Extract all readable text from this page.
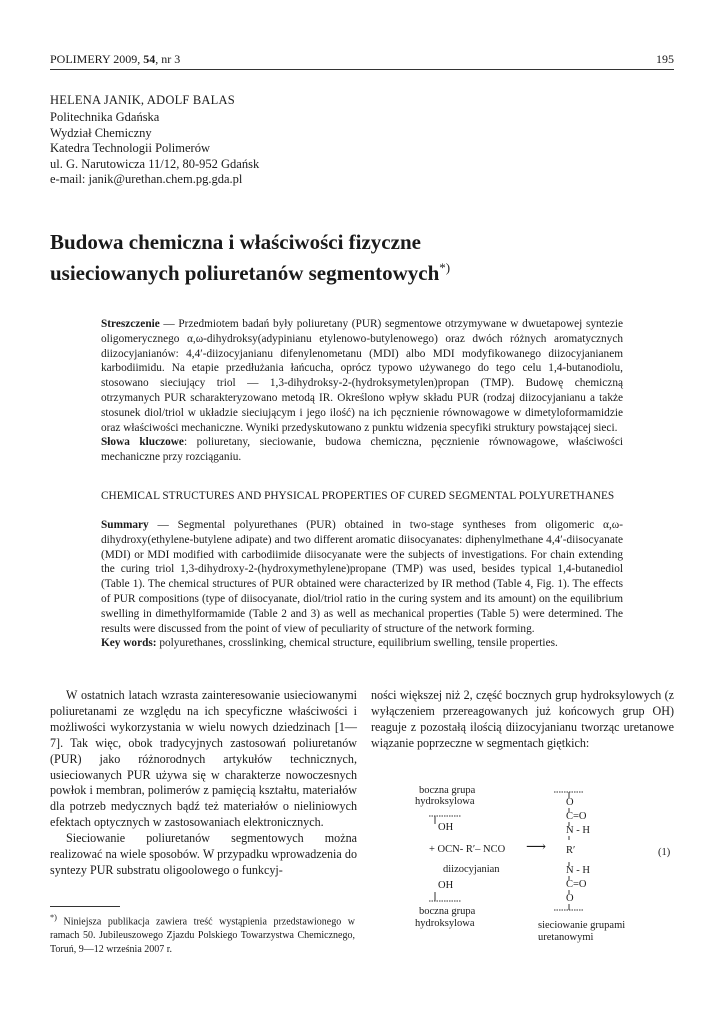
POLIMERY 2009, 54, nr 3	195
HELENA JANIK, ADOLF BALAS
Politechnika Gdańska
Wydział Chemiczny
Katedra Technologii Polimerów
ul. G. Narutowicza 11/12, 80-952 Gdańsk
e-mail: janik@urethan.chem.pg.gda.pl
Budowa chemiczna i właściwości fizyczne
usieciowanych poliuretanów segmentowych*)

Streszczenie — Przedmiotem badań były poliuretany (PUR) segmentowe otrzymywane w dwuetapowej syntezie oligomerycznego α,ω-dihydroksy(adypinianu etylenowo-butylenowego) oraz dwóch różnych aromatycznych diizocyjanianów: 4,4′-diizocyjanianu difenylenometanu (MDI) albo MDI modyfikowanego diizocyjanianem karbodiimidu. Na etapie przedłużania łańcucha, oprócz typowo używanego do tego celu 1,4-butanodiolu, stosowano sieciujący triol — 1,3-dihydroksy-2-(hydroksymetylen)propan (TMP). Budowę chemiczną otrzymanych PUR scharakteryzowano metodą IR. Określono wpływ składu PUR (rodzaj diizocyjanianu a także stosunek diol/triol w układzie sieciującym i jego ilość) na ich pęcznienie równowagowe w dimetyloformamidzie oraz właściwości mechaniczne. Wyniki przedyskutowano z punktu widzenia specyfiki struktury powstającej sieci.

Słowa kluczowe: poliuretany, sieciowanie, budowa chemiczna, pęcznienie równowagowe, właściwości mechaniczne przy rozciąganiu.

CHEMICAL STRUCTURES AND PHYSICAL PROPERTIES OF CURED SEGMENTAL POLYURETHANES

Summary — Segmental polyurethanes (PUR) obtained in two-stage syntheses from oligomeric α,ω-dihydroxy(ethylene-butylene adipate) and two different aromatic diisocyanates: diphenylmethane 4,4′-diisocyanate (MDI) or MDI modified with carbodiimide diisocyanate were the subjects of investigations. For chain extending the curing triol 1,3-dihydroxy-2-(hydroxymethylene)propane (TMP) was used, besides typical 1,4-butanediol (Table 1). The chemical structures of PUR obtained were characterized by IR method (Table 4, Fig. 1). The effects of PUR compositions (type of diisocyanate, diol/triol ratio in the curing system and its amount) on the equilibrium swelling in dimethylformamide (Table 2 and 3) as well as mechanical properties (Table 5) were determined. The results were discussed from the point of view of peculiarity of structure of the network forming.

Key words: polyurethanes, crosslinking, chemical structure, equilibrium swelling, tensile properties.

W ostatnich latach wzrasta zainteresowanie usieciowanymi poliuretanami ze względu na ich specyficzne właściwości i możliwości wykorzystania w wielu nowych dziedzinach [1—7]. Tak więc, obok tradycyjnych zastosowań poliuretanów (PUR) jako różnorodnych artykułów technicznych, usieciowanych PUR używa się w charakterze nowoczesnych powłok i membran, polimerów z pamięcią kształtu, materiałów dla potrzeb medycznych bądź też materiałów o nieliniowych efektach optycznych w zastosowaniach elektronicznych.

Sieciowanie poliuretanów segmentowych można realizować na wiele sposobów. W przypadku wprowadzenia do syntezy PUR substratu oligoolowego o funkcyj-

*) Niniejsza publikacja zawiera treść wystąpienia przedstawionego w ramach 50. Jubileuszowego Zjazdu Polskiego Towarzystwa Chemicznego, Toruń, 9—12 września 2007 r.
ności większej niż 2, część bocznych grup hydroksylowych (z wyłączeniem przereagowanych już końcowych grup OH) reaguje z pozostałą ilością diizocyjanianu tworząc uretanowe wiązanie poprzeczne w segmentach giętkich:
boczna grupa
hydroksylowa
OH
+ OCN- R′– NCO ⟶
diizocyjanian
OH
boczna grupa
hydroksylowa
O
C=O
N - H
R′
N - H
C=O
O
sieciowanie grupami
uretanowymi
(1)
